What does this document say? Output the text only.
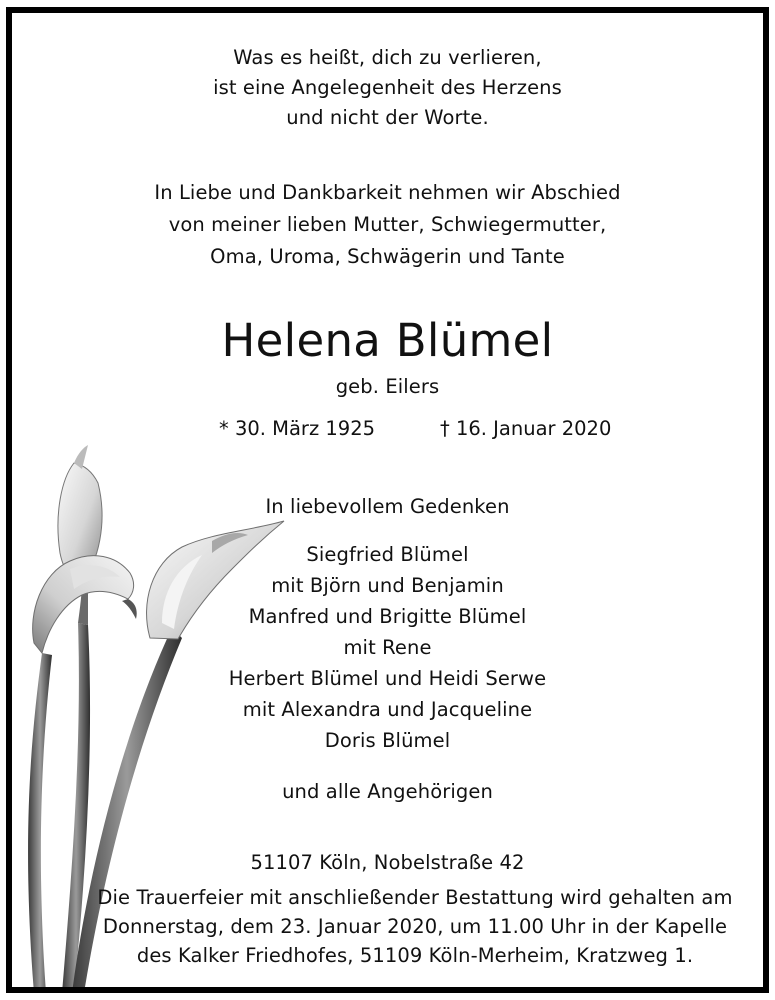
Was es heißt, dich zu verlieren,
ist eine Angelegenheit des Herzens
und nicht der Worte.
In Liebe und Dankbarkeit nehmen wir Abschied
von meiner lieben Mutter, Schwiegermutter,
Oma, Uroma, Schwägerin und Tante
Helena Blümel
geb. Eilers
* 30. März 1925	† 16. Januar 2020
In liebevollem Gedenken
Siegfried Blümel
mit Björn und Benjamin
Manfred und Brigitte Blümel
mit Rene
Herbert Blümel und Heidi Serwe
mit Alexandra und Jacqueline
Doris Blümel
und alle Angehörigen
51107 Köln, Nobelstraße 42
Die Trauerfeier mit anschließender Bestattung wird gehalten am
Donnerstag, dem 23. Januar 2020, um 11.00 Uhr in der Kapelle
des Kalker Friedhofes, 51109 Köln-Merheim, Kratzweg 1.
